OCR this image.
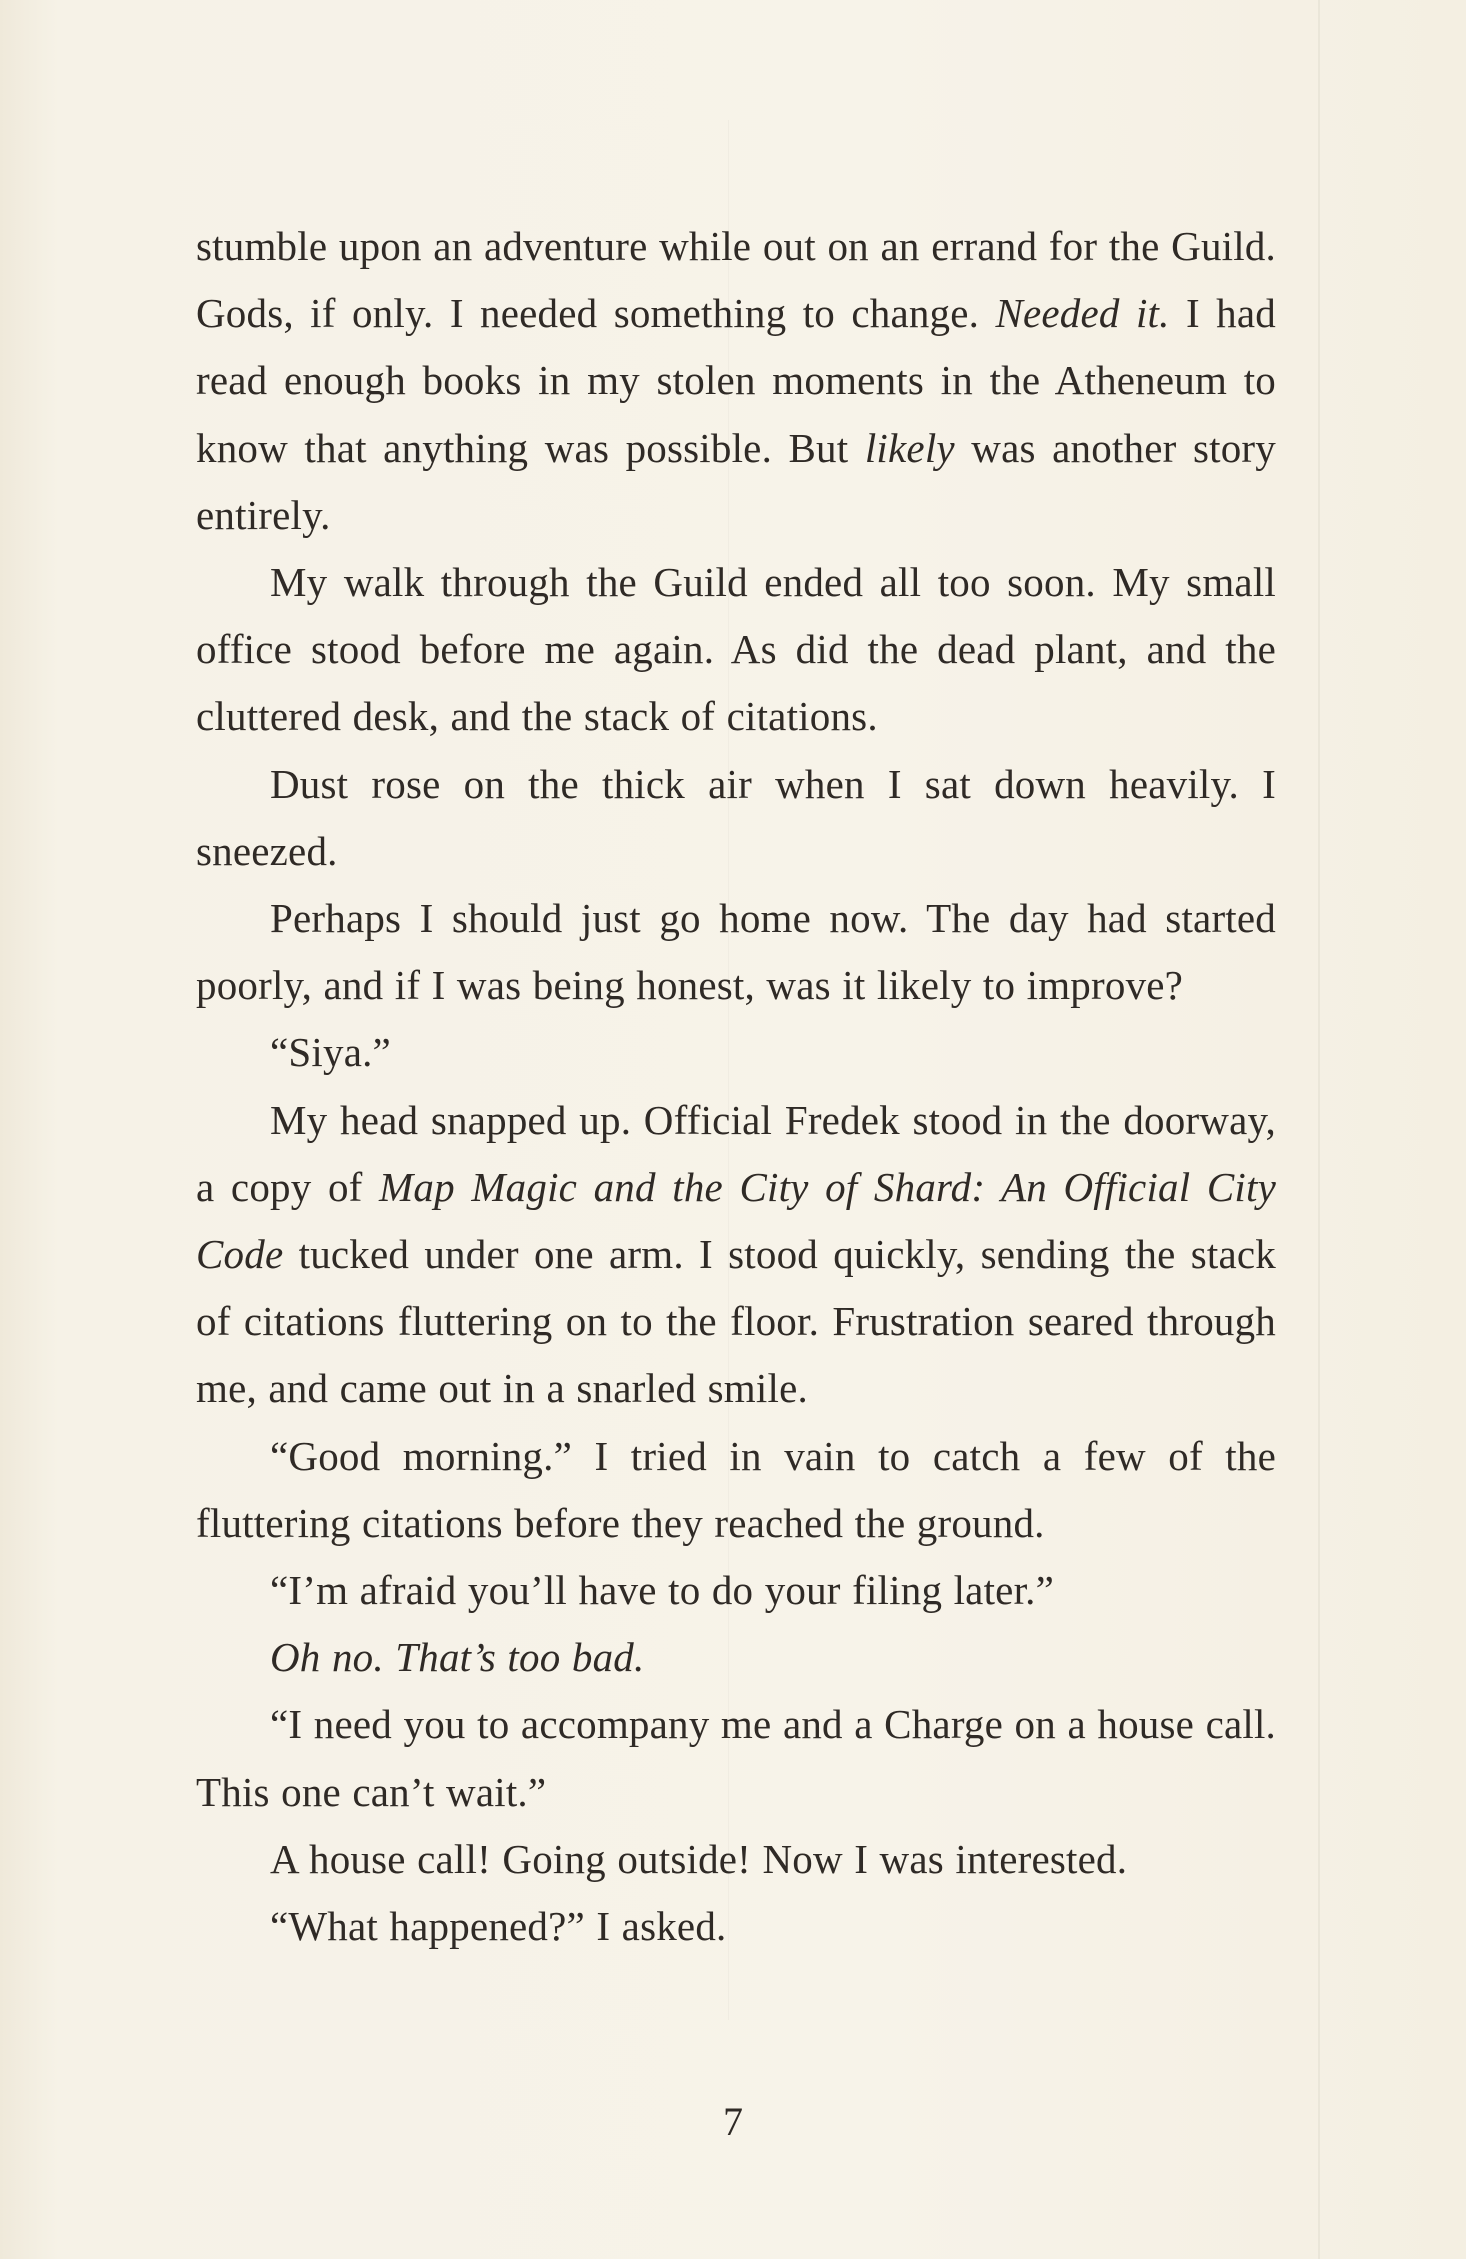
stumble upon an adventure while out on an errand for the Guild. Gods, if only. I needed something to change. Needed it. I had read enough books in my stolen moments in the Atheneum to know that anything was possible. But likely was another story entirely.

My walk through the Guild ended all too soon. My small office stood before me again. As did the dead plant, and the cluttered desk, and the stack of citations.

Dust rose on the thick air when I sat down heavily. I sneezed.

Perhaps I should just go home now. The day had started poorly, and if I was being honest, was it likely to improve?

“Siya.”

My head snapped up. Official Fredek stood in the doorway, a copy of Map Magic and the City of Shard: An Official City Code tucked under one arm. I stood quickly, sending the stack of citations fluttering on to the floor. Frustration seared through me, and came out in a snarled smile.

“Good morning.” I tried in vain to catch a few of the fluttering citations before they reached the ground.

“I’m afraid you’ll have to do your filing later.”

Oh no. That’s too bad.

“I need you to accompany me and a Charge on a house call. This one can’t wait.”

A house call! Going outside! Now I was interested.

“What happened?” I asked.

7
